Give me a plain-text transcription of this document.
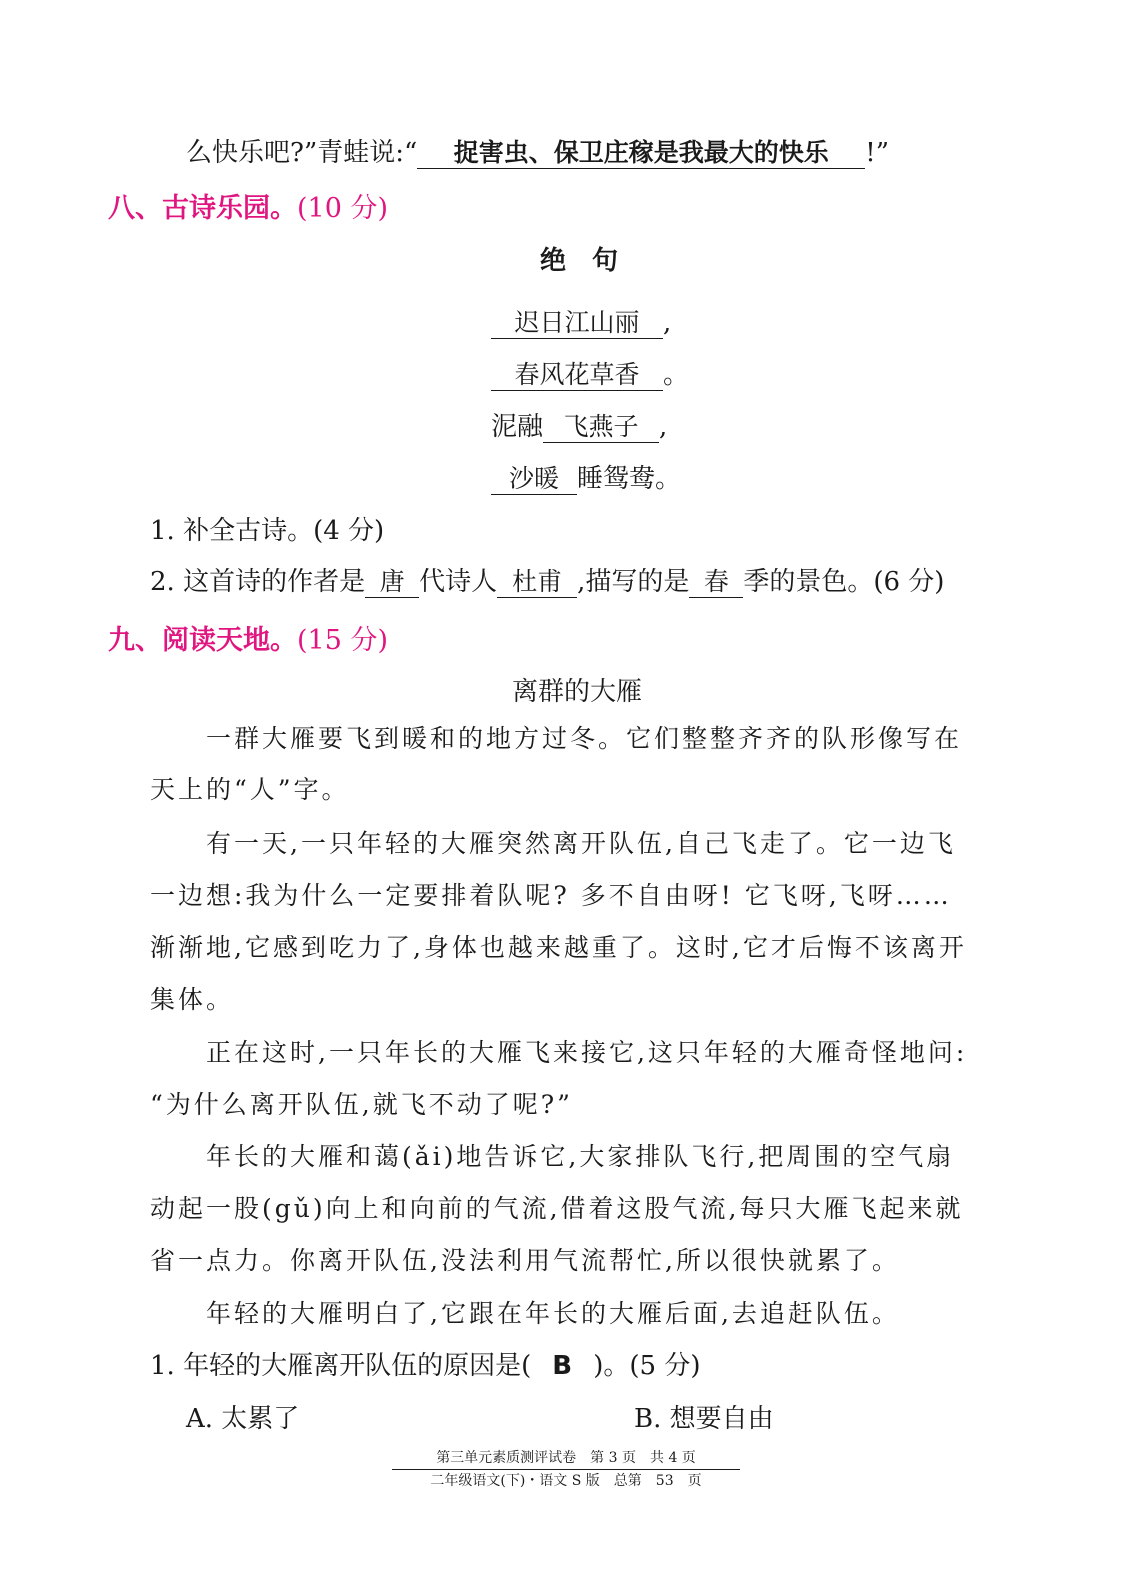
么快乐吧?”青蛙说:“ 捉害虫、保卫庄稼是我最大的快乐 !”
八、古诗乐园。(10 分)
绝　句
迟日江山丽 ,
春风花草香 。
泥融 飞燕子 ,
沙暖 睡鸳鸯。
1. 补全古诗。(4 分)
2. 这首诗的作者是 唐 代诗人 杜甫 ,描写的是 春 季的景色。(6 分)
九、阅读天地。(15 分)
离群的大雁
　　一群大雁要飞到暖和的地方过冬。它们整整齐齐的队形像写在
天上的“人”字。
　　有一天,一只年轻的大雁突然离开队伍,自己飞走了。它一边飞
一边想:我为什么一定要排着队呢? 多不自由呀! 它飞呀,飞呀……
渐渐地,它感到吃力了,身体也越来越重了。这时,它才后悔不该离开
集体。
　　正在这时,一只年长的大雁飞来接它,这只年轻的大雁奇怪地问:
“为什么离开队伍,就飞不动了呢?”
　　年长的大雁和蔼(ǎi)地告诉它,大家排队飞行,把周围的空气扇
动起一股(gǔ)向上和向前的气流,借着这股气流,每只大雁飞起来就
省一点力。你离开队伍,没法利用气流帮忙,所以很快就累了。
　　年轻的大雁明白了,它跟在年长的大雁后面,去追赶队伍。
1. 年轻的大雁离开队伍的原因是( B )。(5 分)
A. 太累了	B. 想要自由
第三单元素质测评试卷　第 3 页　共 4 页
二年级语文(下)・语文 S 版　总第　53　页
